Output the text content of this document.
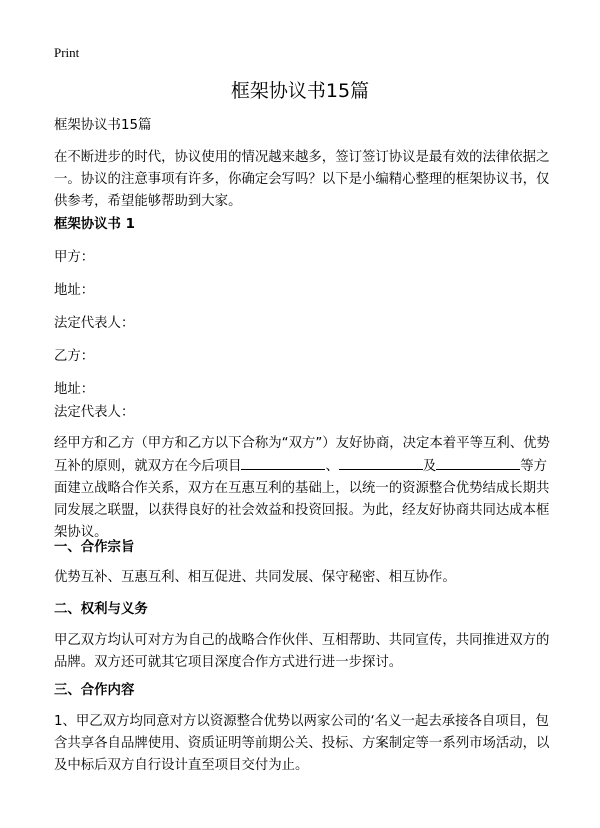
Print
框架协议书15篇
框架协议书15篇
在不断进步的时代，协议使用的情况越来越多，签订签订协议是最有效的法律依据之一。协议的注意事项有许多，你确定会写吗？以下是小编精心整理的框架协议书，仅供参考，希望能够帮助到大家。
框架协议书 1
甲方：
地址：
法定代表人：
乙方：
地址：
法定代表人：
经甲方和乙方（甲方和乙方以下合称为“双方”）友好协商，决定本着平等互利、优势互补的原则，就双方在今后项目	、	及	等方面建立战略合作关系，双方在互惠互利的基础上，以统一的资源整合优势结成长期共同发展之联盟，以获得良好的社会效益和投资回报。为此，经友好协商共同达成本框架协议。
一、合作宗旨
优势互补、互惠互利、相互促进、共同发展、保守秘密、相互协作。
二、权利与义务
甲乙双方均认可对方为自己的战略合作伙伴、互相帮助、共同宣传，共同推进双方的品牌。双方还可就其它项目深度合作方式进行进一步探讨。
三、合作内容
1、甲乙双方均同意对方以资源整合优势以两家公司的‘名义一起去承接各自项目，包含共享各自品牌使用、资质证明等前期公关、投标、方案制定等一系列市场活动，以及中标后双方自行设计直至项目交付为止。
